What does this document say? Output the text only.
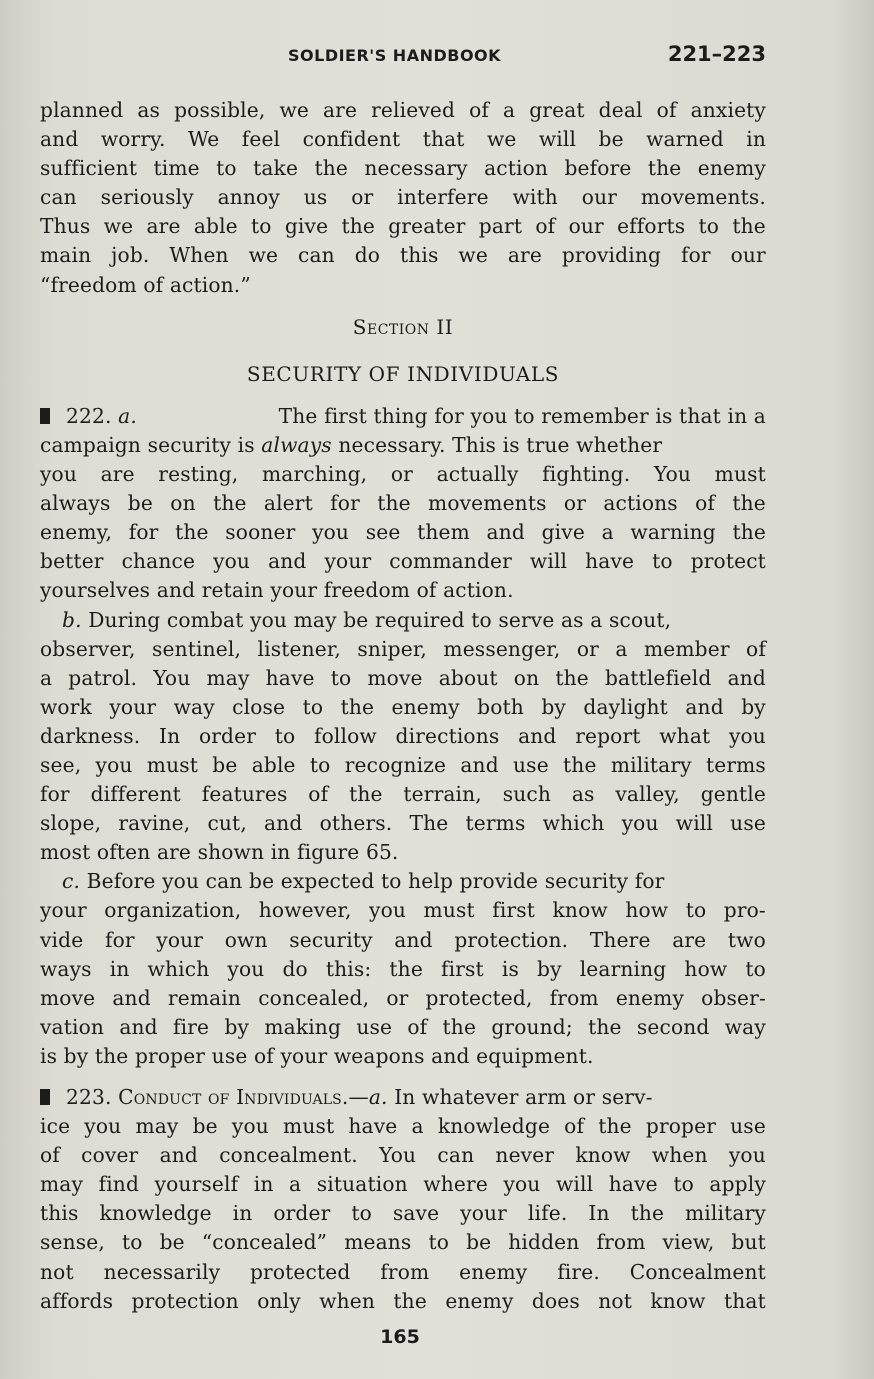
SOLDIER'S HANDBOOK	221–223
planned as possible, we are relieved of a great deal of anxiety
and worry. We feel confident that we will be warned in
sufficient time to take the necessary action before the enemy
can seriously annoy us or interfere with our movements.
Thus we are able to give the greater part of our efforts to the
main job. When we can do this we are providing for our
“freedom of action.”

Section II

SECURITY OF INDIVIDUALS

222. a.	The first thing for you to remember is that in a
campaign security is always necessary. This is true whether
you are resting, marching, or actually fighting. You must
always be on the alert for the movements or actions of the
enemy, for the sooner you see them and give a warning the
better chance you and your commander will have to protect
yourselves and retain your freedom of action.
b. During combat you may be required to serve as a scout,
observer, sentinel, listener, sniper, messenger, or a member of
a patrol. You may have to move about on the battlefield and
work your way close to the enemy both by daylight and by
darkness. In order to follow directions and report what you
see, you must be able to recognize and use the military terms
for different features of the terrain, such as valley, gentle
slope, ravine, cut, and others. The terms which you will use
most often are shown in figure 65.
c. Before you can be expected to help provide security for
your organization, however, you must first know how to pro-
vide for your own security and protection. There are two
ways in which you do this: the first is by learning how to
move and remain concealed, or protected, from enemy obser-
vation and fire by making use of the ground; the second way
is by the proper use of your weapons and equipment.
223. Conduct of Individuals.—a. In whatever arm or serv-
ice you may be you must have a knowledge of the proper use
of cover and concealment. You can never know when you
may find yourself in a situation where you will have to apply
this knowledge in order to save your life. In the military
sense, to be “concealed” means to be hidden from view, but
not necessarily protected from enemy fire. Concealment
affords protection only when the enemy does not know that
165
